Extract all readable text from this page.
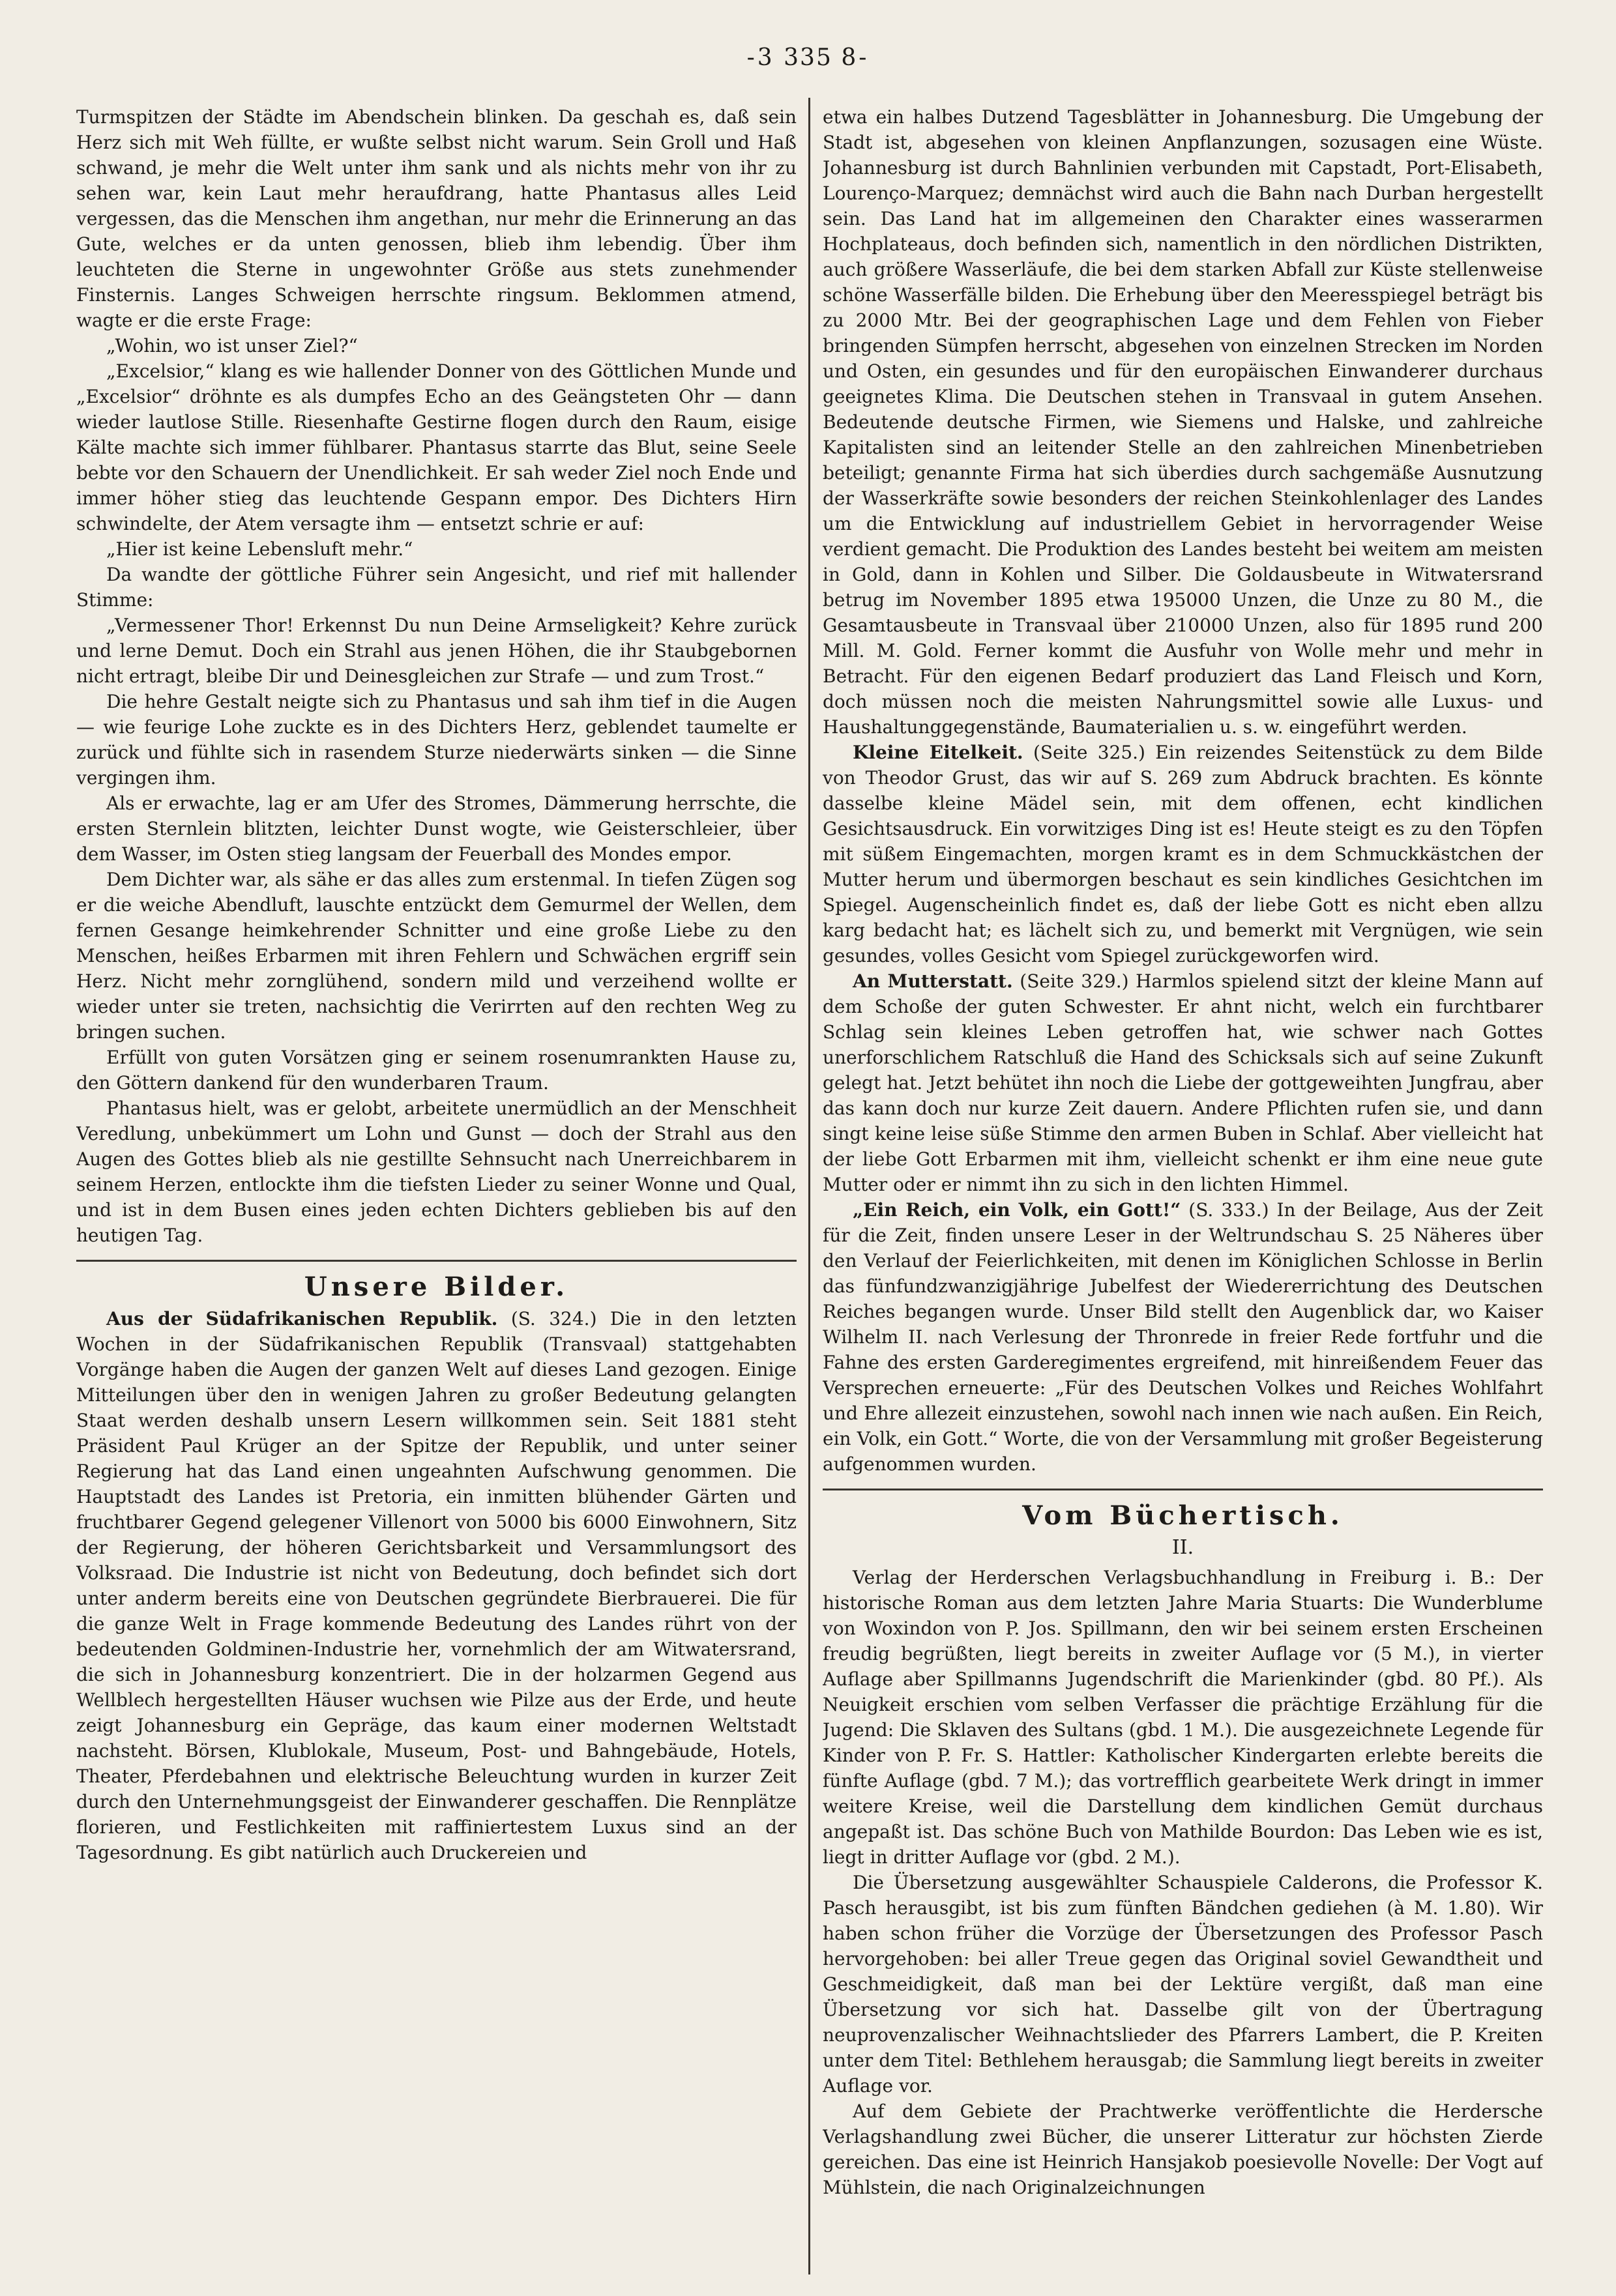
-3 335 8-

Turmspitzen der Städte im Abendschein blinken. Da geschah es, daß sein Herz sich mit Weh füllte, er wußte selbst nicht warum. Sein Groll und Haß schwand, je mehr die Welt unter ihm sank und als nichts mehr von ihr zu sehen war, kein Laut mehr heraufdrang, hatte Phantasus alles Leid vergessen, das die Menschen ihm angethan, nur mehr die Erinnerung an das Gute, welches er da unten genossen, blieb ihm lebendig. Über ihm leuchteten die Sterne in ungewohnter Größe aus stets zunehmender Finsternis. Langes Schweigen herrschte ringsum. Beklommen atmend, wagte er die erste Frage:

„Wohin, wo ist unser Ziel?“

„Excelsior,“ klang es wie hallender Donner von des Göttlichen Munde und „Excelsior“ dröhnte es als dumpfes Echo an des Geängsteten Ohr — dann wieder lautlose Stille. Riesenhafte Gestirne flogen durch den Raum, eisige Kälte machte sich immer fühlbarer. Phantasus starrte das Blut, seine Seele bebte vor den Schauern der Unendlichkeit. Er sah weder Ziel noch Ende und immer höher stieg das leuchtende Gespann empor. Des Dichters Hirn schwindelte, der Atem versagte ihm — entsetzt schrie er auf:

„Hier ist keine Lebensluft mehr.“

Da wandte der göttliche Führer sein Angesicht, und rief mit hallender Stimme:

„Vermessener Thor! Erkennst Du nun Deine Armseligkeit? Kehre zurück und lerne Demut. Doch ein Strahl aus jenen Höhen, die ihr Staubgebornen nicht ertragt, bleibe Dir und Deinesgleichen zur Strafe — und zum Trost.“

Die hehre Gestalt neigte sich zu Phantasus und sah ihm tief in die Augen — wie feurige Lohe zuckte es in des Dichters Herz, geblendet taumelte er zurück und fühlte sich in rasendem Sturze niederwärts sinken — die Sinne vergingen ihm.

Als er erwachte, lag er am Ufer des Stromes, Dämmerung herrschte, die ersten Sternlein blitzten, leichter Dunst wogte, wie Geisterschleier, über dem Wasser, im Osten stieg langsam der Feuerball des Mondes empor.

Dem Dichter war, als sähe er das alles zum erstenmal. In tiefen Zügen sog er die weiche Abendluft, lauschte entzückt dem Gemurmel der Wellen, dem fernen Gesange heimkehrender Schnitter und eine große Liebe zu den Menschen, heißes Erbarmen mit ihren Fehlern und Schwächen ergriff sein Herz. Nicht mehr zornglühend, sondern mild und verzeihend wollte er wieder unter sie treten, nachsichtig die Verirrten auf den rechten Weg zu bringen suchen.

Erfüllt von guten Vorsätzen ging er seinem rosenumrankten Hause zu, den Göttern dankend für den wunderbaren Traum.

Phantasus hielt, was er gelobt, arbeitete unermüdlich an der Menschheit Veredlung, unbekümmert um Lohn und Gunst — doch der Strahl aus den Augen des Gottes blieb als nie gestillte Sehnsucht nach Unerreichbarem in seinem Herzen, entlockte ihm die tiefsten Lieder zu seiner Wonne und Qual, und ist in dem Busen eines jeden echten Dichters geblieben bis auf den heutigen Tag.

Unsere Bilder.

Aus der Südafrikanischen Republik. (S. 324.) Die in den letzten Wochen in der Südafrikanischen Republik (Transvaal) stattgehabten Vorgänge haben die Augen der ganzen Welt auf dieses Land gezogen. Einige Mitteilungen über den in wenigen Jahren zu großer Bedeutung gelangten Staat werden deshalb unsern Lesern willkommen sein. Seit 1881 steht Präsident Paul Krüger an der Spitze der Republik, und unter seiner Regierung hat das Land einen ungeahnten Aufschwung genommen. Die Hauptstadt des Landes ist Pretoria, ein inmitten blühender Gärten und fruchtbarer Gegend gelegener Villenort von 5000 bis 6000 Einwohnern, Sitz der Regierung, der höheren Gerichtsbarkeit und Versammlungsort des Volksraad. Die Industrie ist nicht von Bedeutung, doch befindet sich dort unter anderm bereits eine von Deutschen gegründete Bierbrauerei. Die für die ganze Welt in Frage kommende Bedeutung des Landes rührt von der bedeutenden Goldminen-Industrie her, vornehmlich der am Witwatersrand, die sich in Johannesburg konzentriert. Die in der holzarmen Gegend aus Wellblech hergestellten Häuser wuchsen wie Pilze aus der Erde, und heute zeigt Johannesburg ein Gepräge, das kaum einer modernen Weltstadt nachsteht. Börsen, Klublokale, Museum, Post- und Bahngebäude, Hotels, Theater, Pferdebahnen und elektrische Beleuchtung wurden in kurzer Zeit durch den Unternehmungsgeist der Einwanderer geschaffen. Die Rennplätze florieren, und Festlichkeiten mit raffiniertestem Luxus sind an der Tagesordnung. Es gibt natürlich auch Druckereien und

etwa ein halbes Dutzend Tagesblätter in Johannesburg. Die Umgebung der Stadt ist, abgesehen von kleinen Anpflanzungen, sozusagen eine Wüste. Johannesburg ist durch Bahnlinien verbunden mit Capstadt, Port-Elisabeth, Lourenço-Marquez; demnächst wird auch die Bahn nach Durban hergestellt sein. Das Land hat im allgemeinen den Charakter eines wasserarmen Hochplateaus, doch befinden sich, namentlich in den nördlichen Distrikten, auch größere Wasserläufe, die bei dem starken Abfall zur Küste stellenweise schöne Wasserfälle bilden. Die Erhebung über den Meeresspiegel beträgt bis zu 2000 Mtr. Bei der geographischen Lage und dem Fehlen von Fieber bringenden Sümpfen herrscht, abgesehen von einzelnen Strecken im Norden und Osten, ein gesundes und für den europäischen Einwanderer durchaus geeignetes Klima. Die Deutschen stehen in Transvaal in gutem Ansehen. Bedeutende deutsche Firmen, wie Siemens und Halske, und zahlreiche Kapitalisten sind an leitender Stelle an den zahlreichen Minenbetrieben beteiligt; genannte Firma hat sich überdies durch sachgemäße Ausnutzung der Wasserkräfte sowie besonders der reichen Steinkohlenlager des Landes um die Entwicklung auf industriellem Gebiet in hervorragender Weise verdient gemacht. Die Produktion des Landes besteht bei weitem am meisten in Gold, dann in Kohlen und Silber. Die Goldausbeute in Witwatersrand betrug im November 1895 etwa 195000 Unzen, die Unze zu 80 M., die Gesamtausbeute in Transvaal über 210000 Unzen, also für 1895 rund 200 Mill. M. Gold. Ferner kommt die Ausfuhr von Wolle mehr und mehr in Betracht. Für den eigenen Bedarf produziert das Land Fleisch und Korn, doch müssen noch die meisten Nahrungsmittel sowie alle Luxus- und Haushaltunggegenstände, Baumaterialien u. s. w. eingeführt werden.

Kleine Eitelkeit. (Seite 325.) Ein reizendes Seitenstück zu dem Bilde von Theodor Grust, das wir auf S. 269 zum Abdruck brachten. Es könnte dasselbe kleine Mädel sein, mit dem offenen, echt kindlichen Gesichtsausdruck. Ein vorwitziges Ding ist es! Heute steigt es zu den Töpfen mit süßem Eingemachten, morgen kramt es in dem Schmuckkästchen der Mutter herum und übermorgen beschaut es sein kindliches Gesichtchen im Spiegel. Augenscheinlich findet es, daß der liebe Gott es nicht eben allzu karg bedacht hat; es lächelt sich zu, und bemerkt mit Vergnügen, wie sein gesundes, volles Gesicht vom Spiegel zurückgeworfen wird.

An Mutterstatt. (Seite 329.) Harmlos spielend sitzt der kleine Mann auf dem Schoße der guten Schwester. Er ahnt nicht, welch ein furchtbarer Schlag sein kleines Leben getroffen hat, wie schwer nach Gottes unerforschlichem Ratschluß die Hand des Schicksals sich auf seine Zukunft gelegt hat. Jetzt behütet ihn noch die Liebe der gottgeweihten Jungfrau, aber das kann doch nur kurze Zeit dauern. Andere Pflichten rufen sie, und dann singt keine leise süße Stimme den armen Buben in Schlaf. Aber vielleicht hat der liebe Gott Erbarmen mit ihm, vielleicht schenkt er ihm eine neue gute Mutter oder er nimmt ihn zu sich in den lichten Himmel.

„Ein Reich, ein Volk, ein Gott!“ (S. 333.) In der Beilage, Aus der Zeit für die Zeit, finden unsere Leser in der Weltrundschau S. 25 Näheres über den Verlauf der Feierlichkeiten, mit denen im Königlichen Schlosse in Berlin das fünfundzwanzigjährige Jubelfest der Wiedererrichtung des Deutschen Reiches begangen wurde. Unser Bild stellt den Augenblick dar, wo Kaiser Wilhelm II. nach Verlesung der Thronrede in freier Rede fortfuhr und die Fahne des ersten Garderegimentes ergreifend, mit hinreißendem Feuer das Versprechen erneuerte: „Für des Deutschen Volkes und Reiches Wohlfahrt und Ehre allezeit einzustehen, sowohl nach innen wie nach außen. Ein Reich, ein Volk, ein Gott.“ Worte, die von der Versammlung mit großer Begeisterung aufgenommen wurden.

Vom Büchertisch.
II.

Verlag der Herderschen Verlagsbuchhandlung in Freiburg i. B.: Der historische Roman aus dem letzten Jahre Maria Stuarts: Die Wunderblume von Woxindon von P. Jos. Spillmann, den wir bei seinem ersten Erscheinen freudig begrüßten, liegt bereits in zweiter Auflage vor (5 M.), in vierter Auflage aber Spillmanns Jugendschrift die Marienkinder (gbd. 80 Pf.). Als Neuigkeit erschien vom selben Verfasser die prächtige Erzählung für die Jugend: Die Sklaven des Sultans (gbd. 1 M.). Die ausgezeichnete Legende für Kinder von P. Fr. S. Hattler: Katholischer Kindergarten erlebte bereits die fünfte Auflage (gbd. 7 M.); das vortrefflich gearbeitete Werk dringt in immer weitere Kreise, weil die Darstellung dem kindlichen Gemüt durchaus angepaßt ist. Das schöne Buch von Mathilde Bourdon: Das Leben wie es ist, liegt in dritter Auflage vor (gbd. 2 M.).

Die Übersetzung ausgewählter Schauspiele Calderons, die Professor K. Pasch herausgibt, ist bis zum fünften Bändchen gediehen (à M. 1.80). Wir haben schon früher die Vorzüge der Übersetzungen des Professor Pasch hervorgehoben: bei aller Treue gegen das Original soviel Gewandtheit und Geschmeidigkeit, daß man bei der Lektüre vergißt, daß man eine Übersetzung vor sich hat. Dasselbe gilt von der Übertragung neuprovenzalischer Weihnachtslieder des Pfarrers Lambert, die P. Kreiten unter dem Titel: Bethlehem herausgab; die Sammlung liegt bereits in zweiter Auflage vor.

Auf dem Gebiete der Prachtwerke veröffentlichte die Herdersche Verlagshandlung zwei Bücher, die unserer Litteratur zur höchsten Zierde gereichen. Das eine ist Heinrich Hansjakob poesievolle Novelle: Der Vogt auf Mühlstein, die nach Originalzeichnungen
